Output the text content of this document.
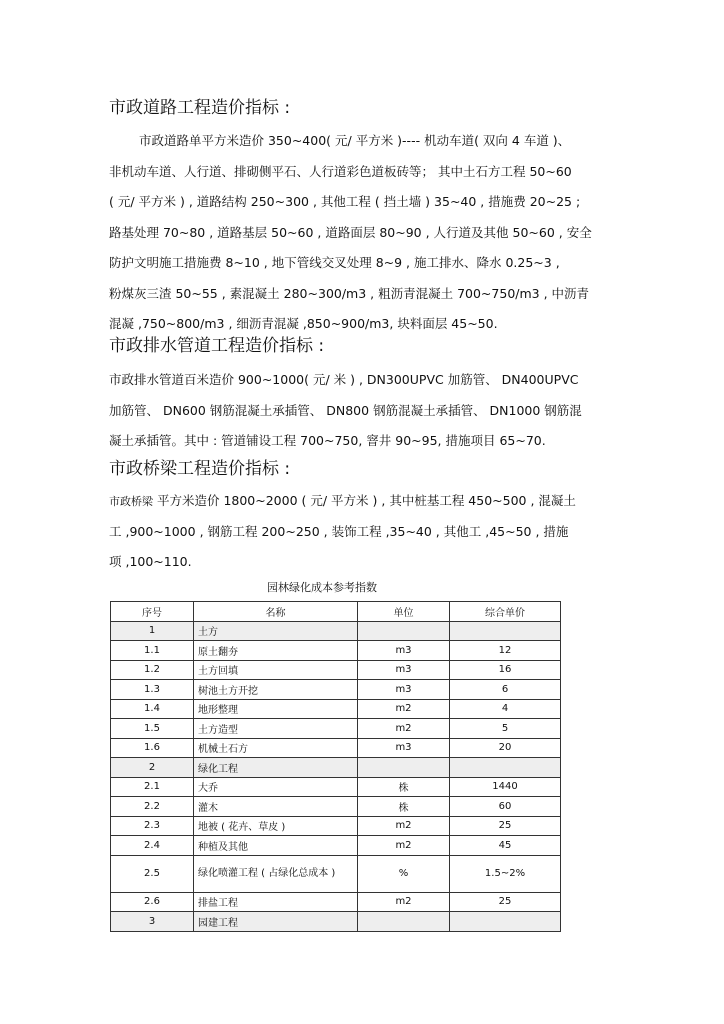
市政道路工程造价指标 :
市政道路单平方米造价 350~400( 元/ 平方米 )---- 机动车道( 双向 4 车道 )、
非机动车道、人行道、排砌侧平石、人行道彩色道板砖等； 其中土石方工程 50~60
( 元/ 平方米 ) , 道路结构 250~300 , 其他工程 ( 挡土墙 ) 35~40 , 措施费 20~25 ;
路基处理 70~80 , 道路基层 50~60 , 道路面层 80~90 , 人行道及其他 50~60 , 安全
防护文明施工措施费 8~10 , 地下管线交叉处理 8~9 , 施工排水、降水 0.25~3 ,
粉煤灰三渣 50~55 , 素混凝土 280~300/m3 , 粗沥青混凝土 700~750/m3 , 中沥青
混凝 ,750~800/m3 , 细沥青混凝 ,850~900/m3, 块料面层 45~50.
市政排水管道工程造价指标 :
市政排水管道百米造价 900~1000( 元/ 米 ) , DN300UPVC 加筋管、 DN400UPVC
加筋管、 DN600 钢筋混凝土承插管、 DN800 钢筋混凝土承插管、 DN1000 钢筋混
凝土承插管。其中 : 管道铺设工程 700~750, 窨井 90~95, 措施项目 65~70.
市政桥梁工程造价指标 :
市政桥梁 平方米造价 1800~2000 ( 元/ 平方米 ) , 其中桩基工程 450~500 , 混凝土
工 ,900~1000 , 钢筋工程 200~250 , 装饰工程 ,35~40 , 其他工 ,45~50 , 措施
项 ,100~110.
园林绿化成本参考指数
序号	名称	单位	综合单价
1	土方		
1.1	原土翻夯	m3	12
1.2	土方回填	m3	16
1.3	树池土方开挖	m3	6
1.4	地形整理	m2	4
1.5	土方造型	m2	5
1.6	机械土石方	m3	20
2	绿化工程		
2.1	大乔	株	1440
2.2	灌木	株	60
2.3	地被 ( 花卉、草皮 )	m2	25
2.4	种植及其他	m2	45
2.5	绿化喷灌工程 ( 占绿化总成本 )	%	1.5~2%
2.6	排盐工程	m2	25
3	园建工程		
